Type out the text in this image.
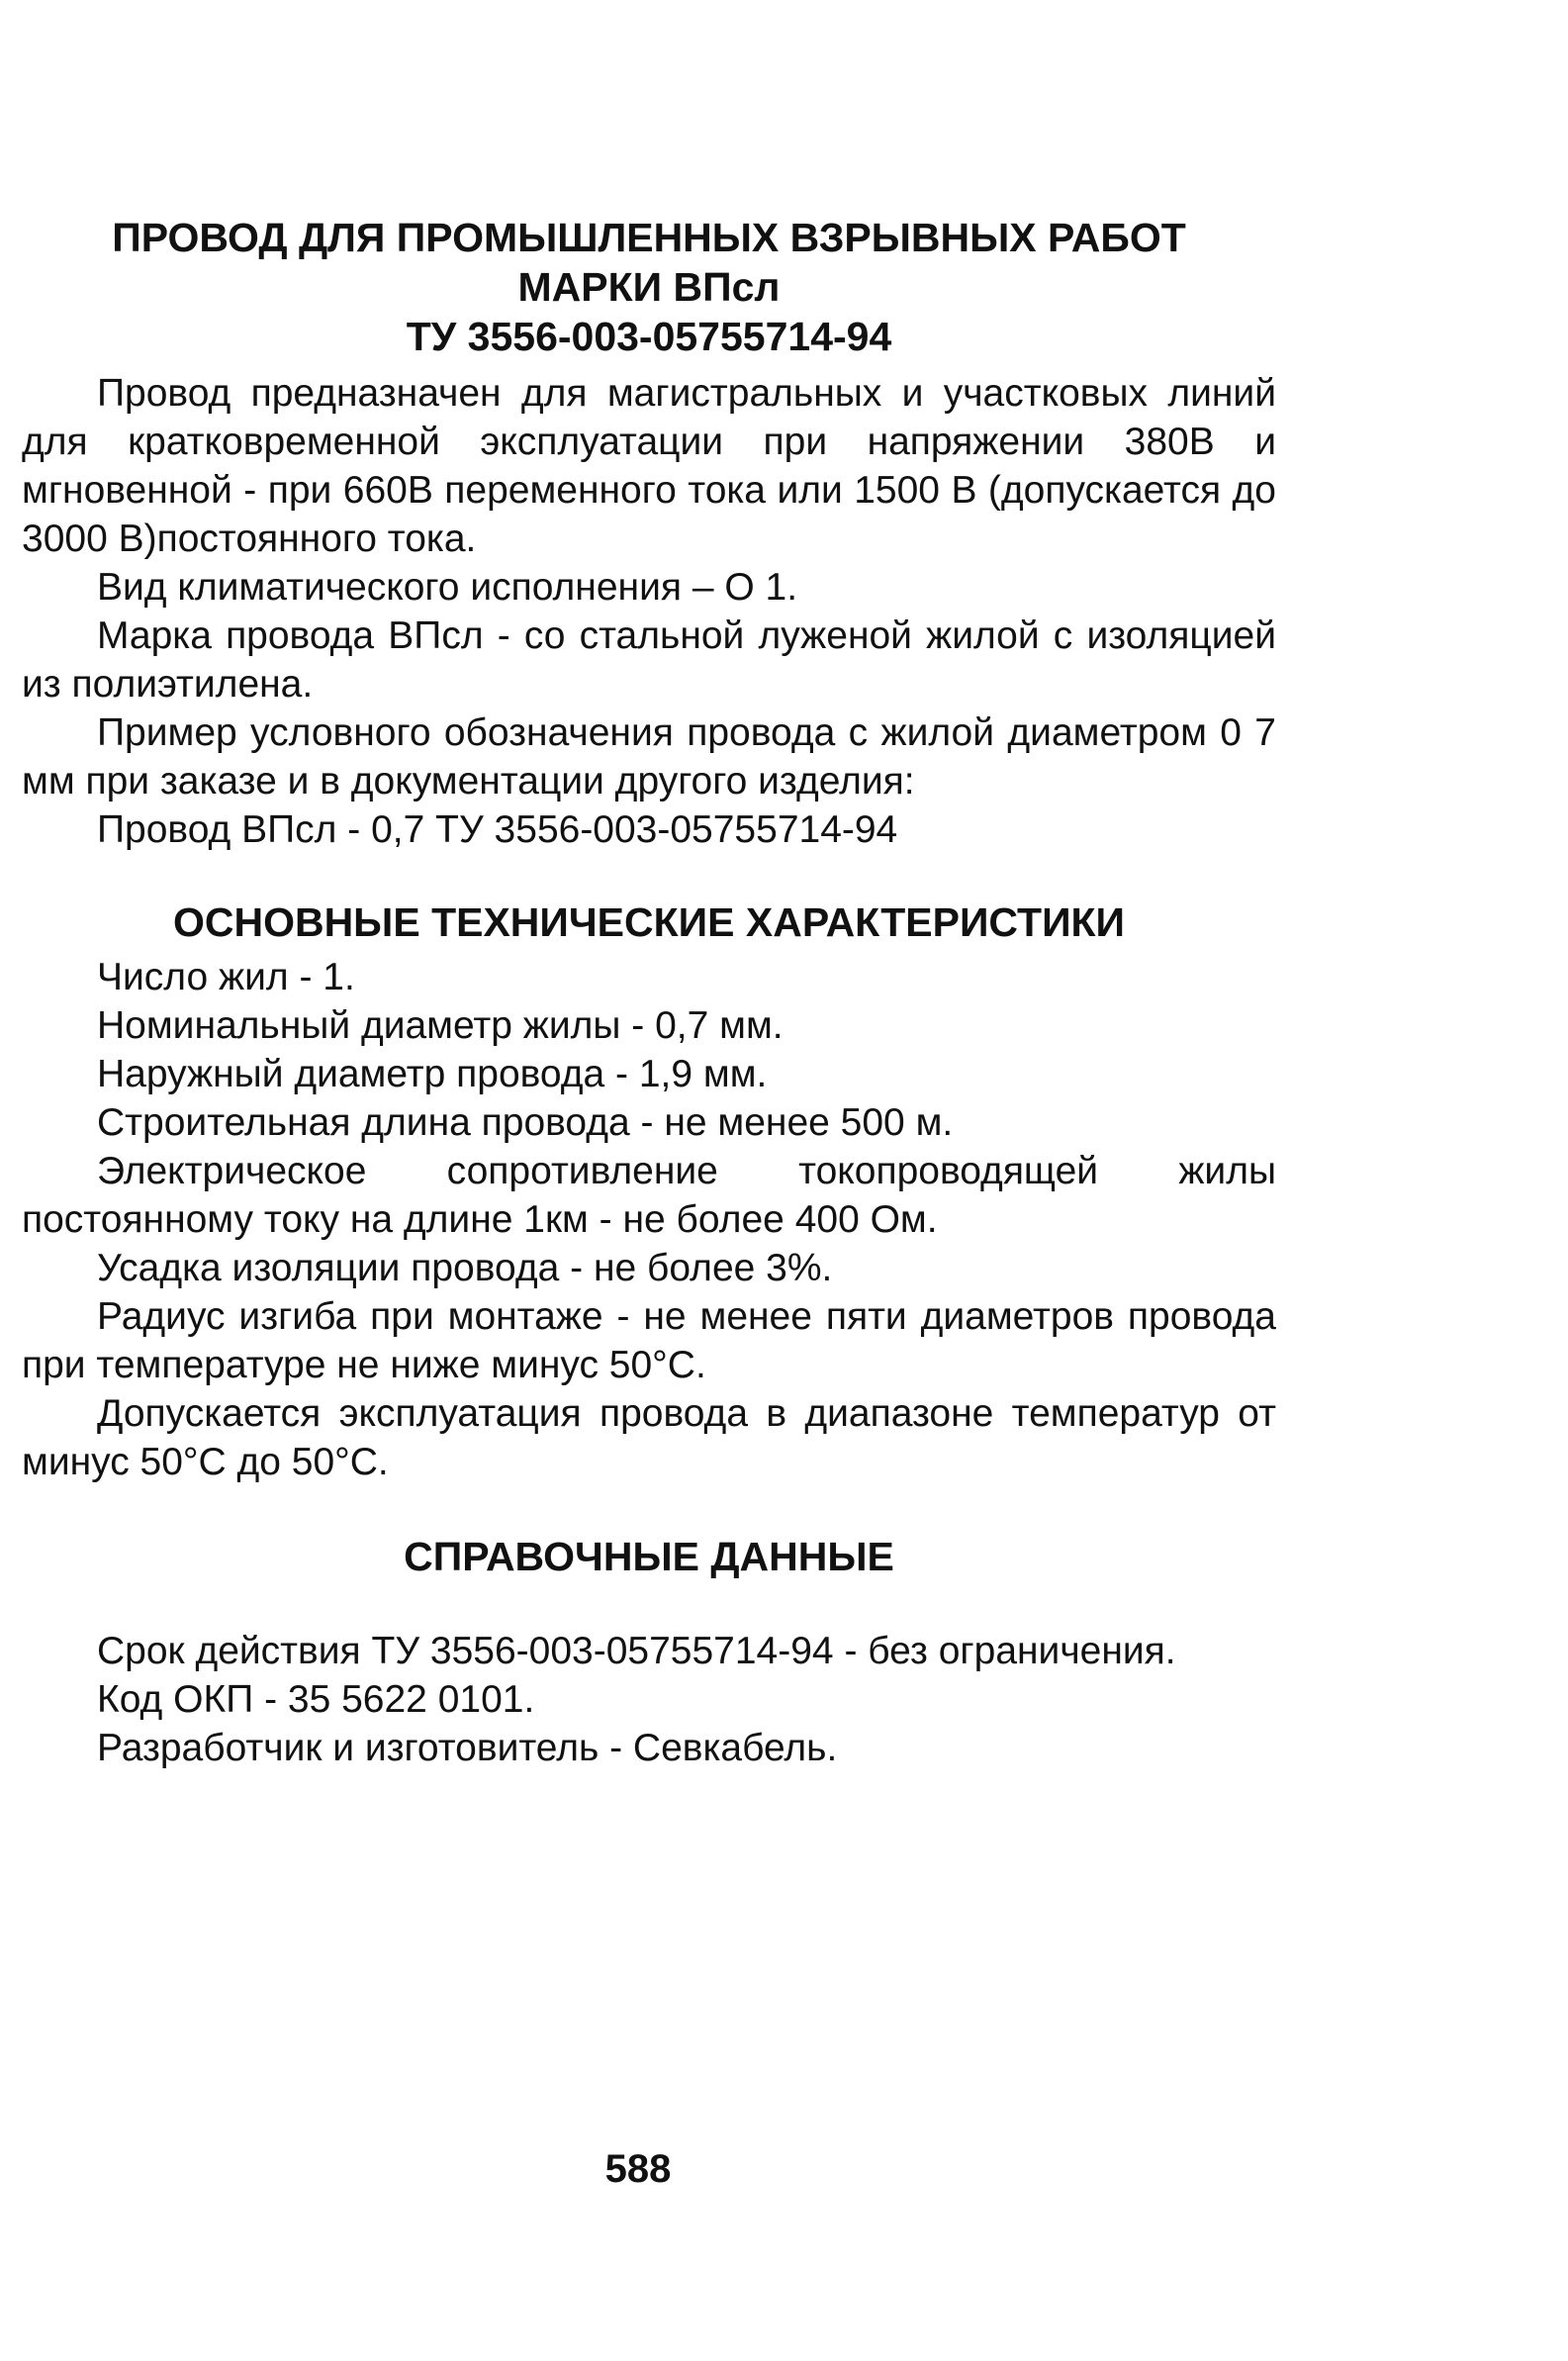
ПРОВОД ДЛЯ ПРОМЫШЛЕННЫХ ВЗРЫВНЫХ РАБОТ
МАРКИ ВПсл
ТУ 3556-003-05755714-94

Провод предназначен для магистральных и участковых линий для кратковременной эксплуатации при напряжении 380В и мгновенной - при 660В переменного тока или 1500 В (допускается до 3000 В)постоянного тока.

Вид климатического исполнения – О 1.

Марка провода ВПсл - со стальной луженой жилой с изоляцией из полиэтилена.

Пример условного обозначения провода с жилой диаметром 0 7 мм при заказе и в документации другого изделия:

Провод ВПсл - 0,7 ТУ 3556-003-05755714-94

ОСНОВНЫЕ ТЕХНИЧЕСКИЕ ХАРАКТЕРИСТИКИ

Число жил - 1.

Номинальный диаметр жилы - 0,7 мм.

Наружный диаметр провода - 1,9 мм.

Строительная длина провода - не менее 500 м.

Электрическое сопротивление токопроводящей жилы постоянному току на длине 1км - не более 400 Ом.

Усадка изоляции провода - не более 3%.

Радиус изгиба при монтаже - не менее пяти диаметров провода при температуре не ниже минус 50°С.

Допускается эксплуатация провода в диапазоне температур от минус 50°С до 50°С.

СПРАВОЧНЫЕ ДАННЫЕ

Срок действия ТУ 3556-003-05755714-94 - без ограничения.

Код ОКП - 35 5622 0101.

Разработчик и изготовитель - Севкабель.

588
